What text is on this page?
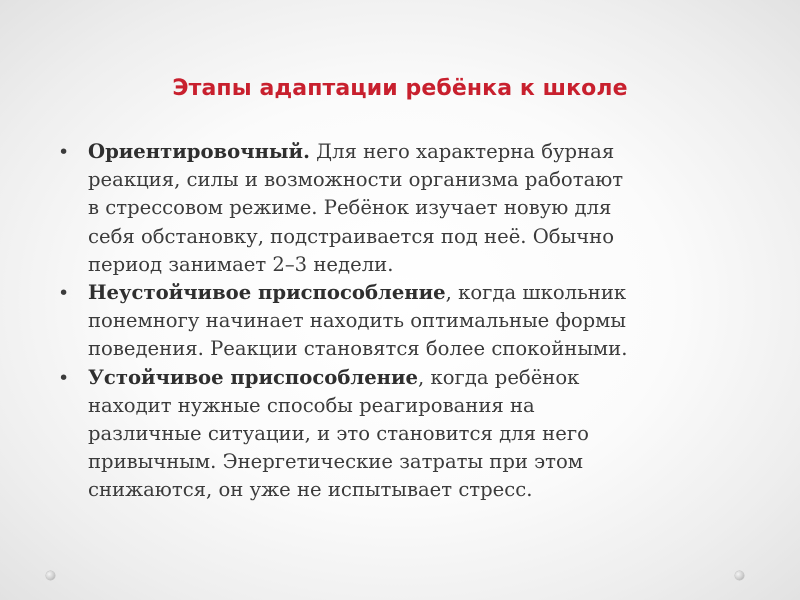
Этапы адаптации ребёнка к школе
• Ориентировочный. Для него характерна бурная
реакция, силы и возможности организма работают
в стрессовом режиме. Ребёнок изучает новую для
себя обстановку, подстраивается под неё. Обычно
период занимает 2–3 недели.
• Неустойчивое приспособление, когда школьник
понемногу начинает находить оптимальные формы
поведения. Реакции становятся более спокойными.
• Устойчивое приспособление, когда ребёнок
находит нужные способы реагирования на
различные ситуации, и это становится для него
привычным. Энергетические затраты при этом
снижаются, он уже не испытывает стресс.
